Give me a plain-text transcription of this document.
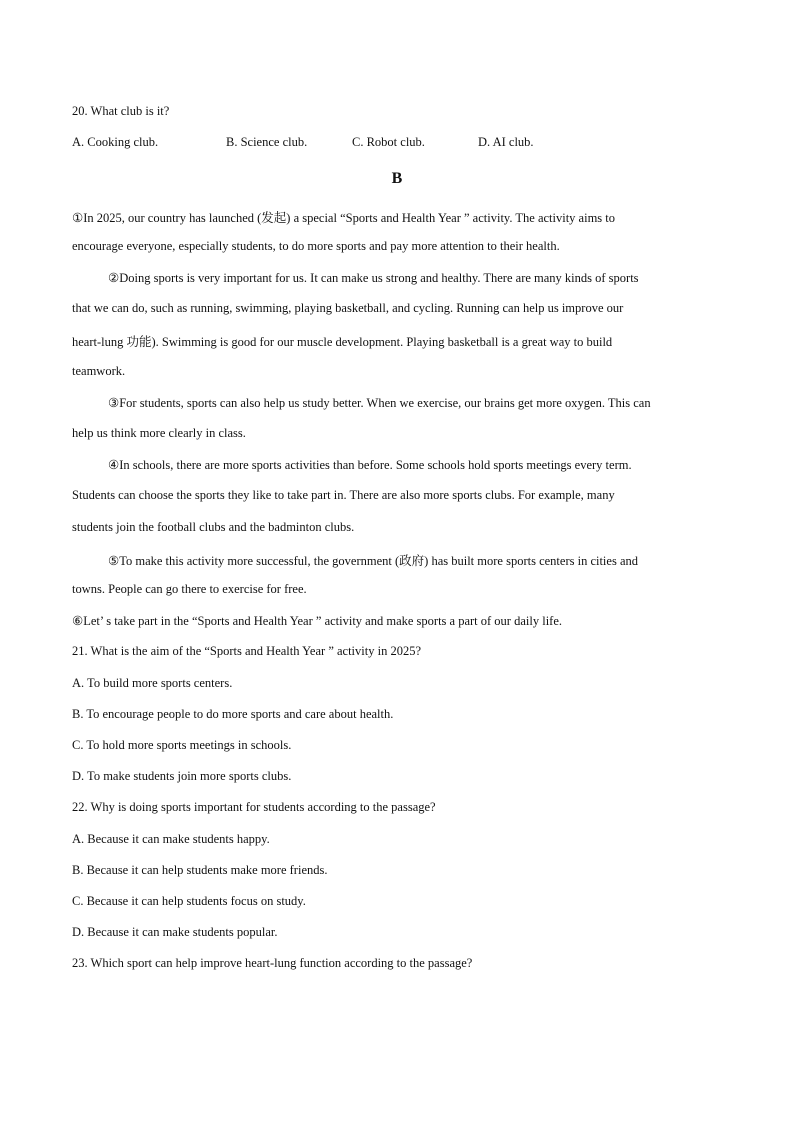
20. What club is it?
A. Cooking club.	B. Science club.	C. Robot club.	D. AI club.
B
①In 2025, our country has launched (发起) a special “Sports and Health Year ” activity. The activity aims to
encourage everyone, especially students, to do more sports and pay more attention to their health.
②Doing sports is very important for us. It can make us strong and healthy. There are many kinds of sports
that we can do, such as running, swimming, playing basketball, and cycling. Running can help us improve our
heart-lung 功能). Swimming is good for our muscle development. Playing basketball is a great way to build
teamwork.
③For students, sports can also help us study better. When we exercise, our brains get more oxygen. This can
help us think more clearly in class.
④In schools, there are more sports activities than before. Some schools hold sports meetings every term.
Students can choose the sports they like to take part in. There are also more sports clubs. For example, many
students join the football clubs and the badminton clubs.
⑤To make this activity more successful, the government (政府) has built more sports centers in cities and
towns. People can go there to exercise for free.
⑥Let’ s take part in the “Sports and Health Year ” activity and make sports a part of our daily life.
21. What is the aim of the “Sports and Health Year ” activity in 2025?
A. To build more sports centers.
B. To encourage people to do more sports and care about health.
C. To hold more sports meetings in schools.
D. To make students join more sports clubs.
22. Why is doing sports important for students according to the passage?
A. Because it can make students happy.
B. Because it can help students make more friends.
C. Because it can help students focus on study.
D. Because it can make students popular.
23. Which sport can help improve heart-lung function according to the passage?
